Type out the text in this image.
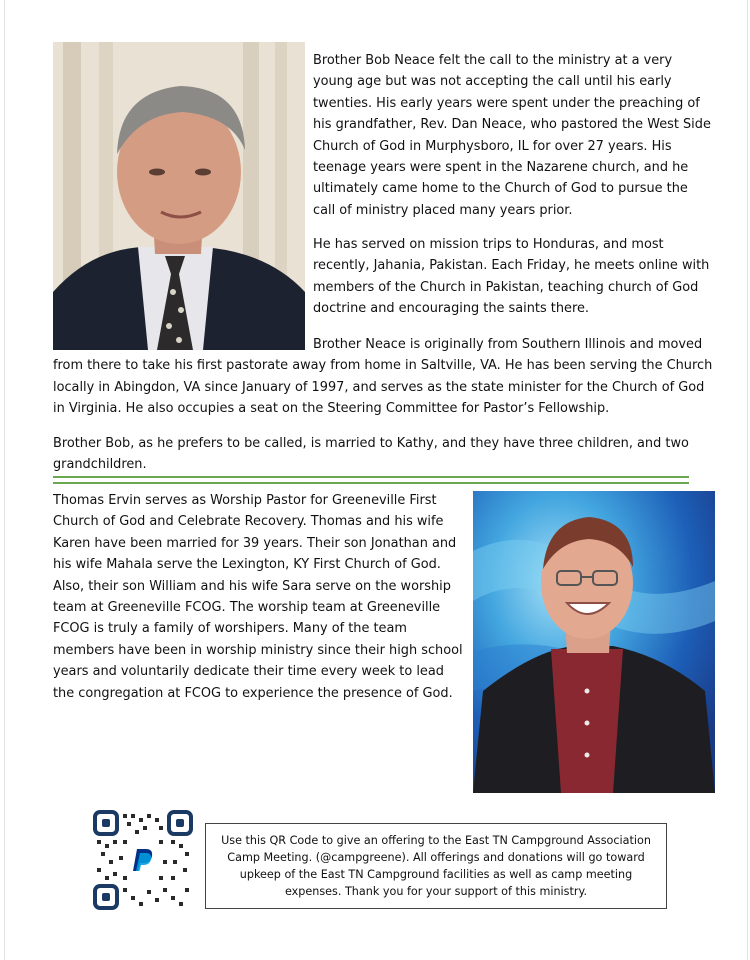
Brother Bob Neace felt the call to the ministry at a very young age but was not accepting the call until his early twenties. His early years were spent under the preaching of his grandfather, Rev. Dan Neace, who pastored the West Side Church of God in Murphysboro, IL for over 27 years. His teenage years were spent in the Nazarene church, and he ultimately came home to the Church of God to pursue the call of ministry placed many years prior.

He has served on mission trips to Honduras, and most recently, Jahania, Pakistan. Each Friday, he meets online with members of the Church in Pakistan, teaching church of God doctrine and encouraging the saints there.

Brother Neace is originally from Southern Illinois and moved from there to take his first pastorate away from home in Saltville, VA. He has been serving the Church locally in Abingdon, VA since January of 1997, and serves as the state minister for the Church of God in Virginia. He also occupies a seat on the Steering Committee for Pastor’s Fellowship.

Brother Bob, as he prefers to be called, is married to Kathy, and they have three children, and two grandchildren.

Thomas Ervin serves as Worship Pastor for Greeneville First Church of God and Celebrate Recovery. Thomas and his wife Karen have been married for 39 years. Their son Jonathan and his wife Mahala serve the Lexington, KY First Church of God. Also, their son William and his wife Sara serve on the worship team at Greeneville FCOG. The worship team at Greeneville FCOG is truly a family of worshipers. Many of the team members have been in worship ministry since their high school years and voluntarily dedicate their time every week to lead the congregation at FCOG to experience the presence of God.

Use this QR Code to give an offering to the East TN Campground Association Camp Meeting. (@campgreene). All offerings and donations will go toward upkeep of the East TN Campground facilities as well as camp meeting expenses. Thank you for your support of this ministry.
